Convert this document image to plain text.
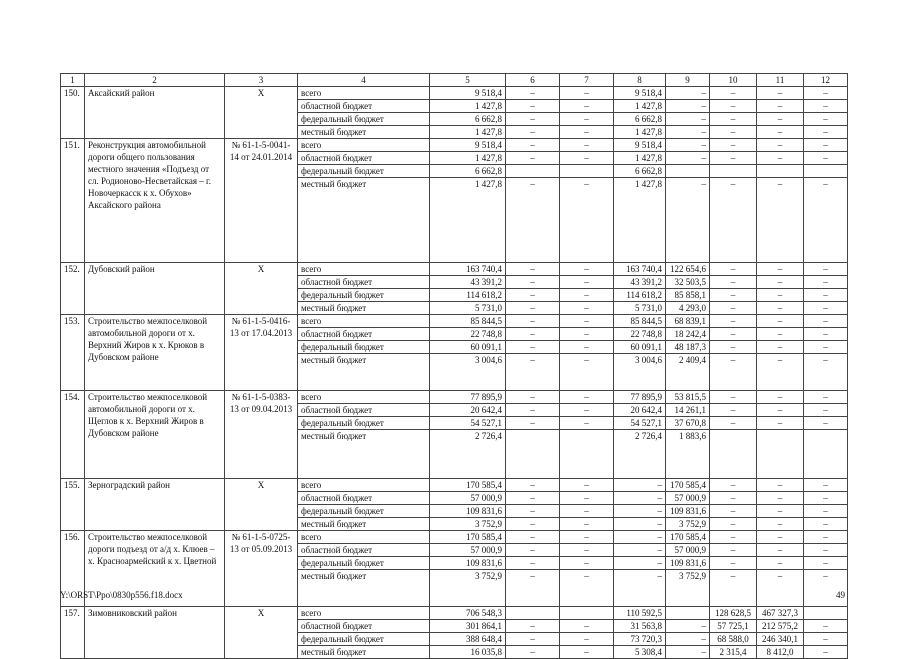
1	2	3	4	5	6	7	8	9	10	11	12
150.	Аксайский район	Х	всего	9 518,4	–	–	9 518,4	–	–	–	–
			областной бюджет	1 427,8	–	–	1 427,8	–	–	–	–
			федеральный бюджет	6 662,8	–	–	6 662,8	–	–	–	–
			местный бюджет	1 427,8	–	–	1 427,8	–	–	–	–
151.	Реконструкция автомобильной дороги общего пользования местного значения «Подъезд от сл. Родионово-Несветайская – г. Новочеркасск к х. Обухов» Аксайского района	№ 61-1-5-0041-14 от 24.01.2014	всего	9 518,4	–	–	9 518,4	–	–	–	–
			областной бюджет	1 427,8	–	–	1 427,8	–	–	–	–
			федеральный бюджет	6 662,8			6 662,8				
			местный бюджет	1 427,8	–	–	1 427,8	–	–	–	–
152.	Дубовский район	Х	всего	163 740,4	–	–	163 740,4	122 654,6	–	–	–
			областной бюджет	43 391,2	–	–	43 391,2	32 503,5	–	–	–
			федеральный бюджет	114 618,2	–	–	114 618,2	85 858,1	–	–	–
			местный бюджет	5 731,0	–	–	5 731,0	4 293,0	–	–	–
153.	Строительство межпоселковой автомобильной дороги от х. Верхний Жиров к х. Крюков в Дубовском районе	№ 61-1-5-0416-13 от 17.04.2013	всего	85 844,5	–	–	85 844,5	68 839,1	–	–	–
			областной бюджет	22 748,8	–	–	22 748,8	18 242,4	–	–	–
			федеральный бюджет	60 091,1	–	–	60 091,1	48 187,3	–	–	–
			местный бюджет	3 004,6	–	–	3 004,6	2 409,4	–	–	–
154.	Строительство межпоселковой автомобильной дороги от х. Щеглов к х. Верхний Жиров в Дубовском районе	№ 61-1-5-0383-13 от 09.04.2013	всего	77 895,9	–	–	77 895,9	53 815,5	–	–	–
			областной бюджет	20 642,4	–	–	20 642,4	14 261,1	–	–	–
			федеральный бюджет	54 527,1	–	–	54 527,1	37 670,8	–	–	–
			местный бюджет	2 726,4			2 726,4	1 883,6			
155.	Зерноградский район	Х	всего	170 585,4	–	–	–	170 585,4	–	–	–
			областной бюджет	57 000,9	–	–	–	57 000,9	–	–	–
			федеральный бюджет	109 831,6	–	–	–	109 831,6	–	–	–
			местный бюджет	3 752,9	–	–	–	3 752,9	–	–	–
156.	Строительство межпоселковой дороги подъезд от а/д х. Клюев – х. Красноармейский к х. Цветной	№ 61-1-5-0725-13 от 05.09.2013	всего	170 585,4	–	–	–	170 585,4	–	–	–
			областной бюджет	57 000,9	–	–	–	57 000,9	–	–	–
			федеральный бюджет	109 831,6	–	–	–	109 831,6	–	–	–
			местный бюджет	3 752,9	–	–	–	3 752,9	–	–	–
157.	Зимовниковский район	Х	всего	706 548,3			110 592,5		128 628,5	467 327,3	
			областной бюджет	301 864,1	–	–	31 563,8	–	57 725,1	212 575,2	–
			федеральный бюджет	388 648,4	–	–	73 720,3	–	68 588,0	246 340,1	–
			местный бюджет	16 035,8	–	–	5 308,4	–	2 315,4	8 412,0	–
Y:\ORST\Ppo\0830p556.f18.docx	49
